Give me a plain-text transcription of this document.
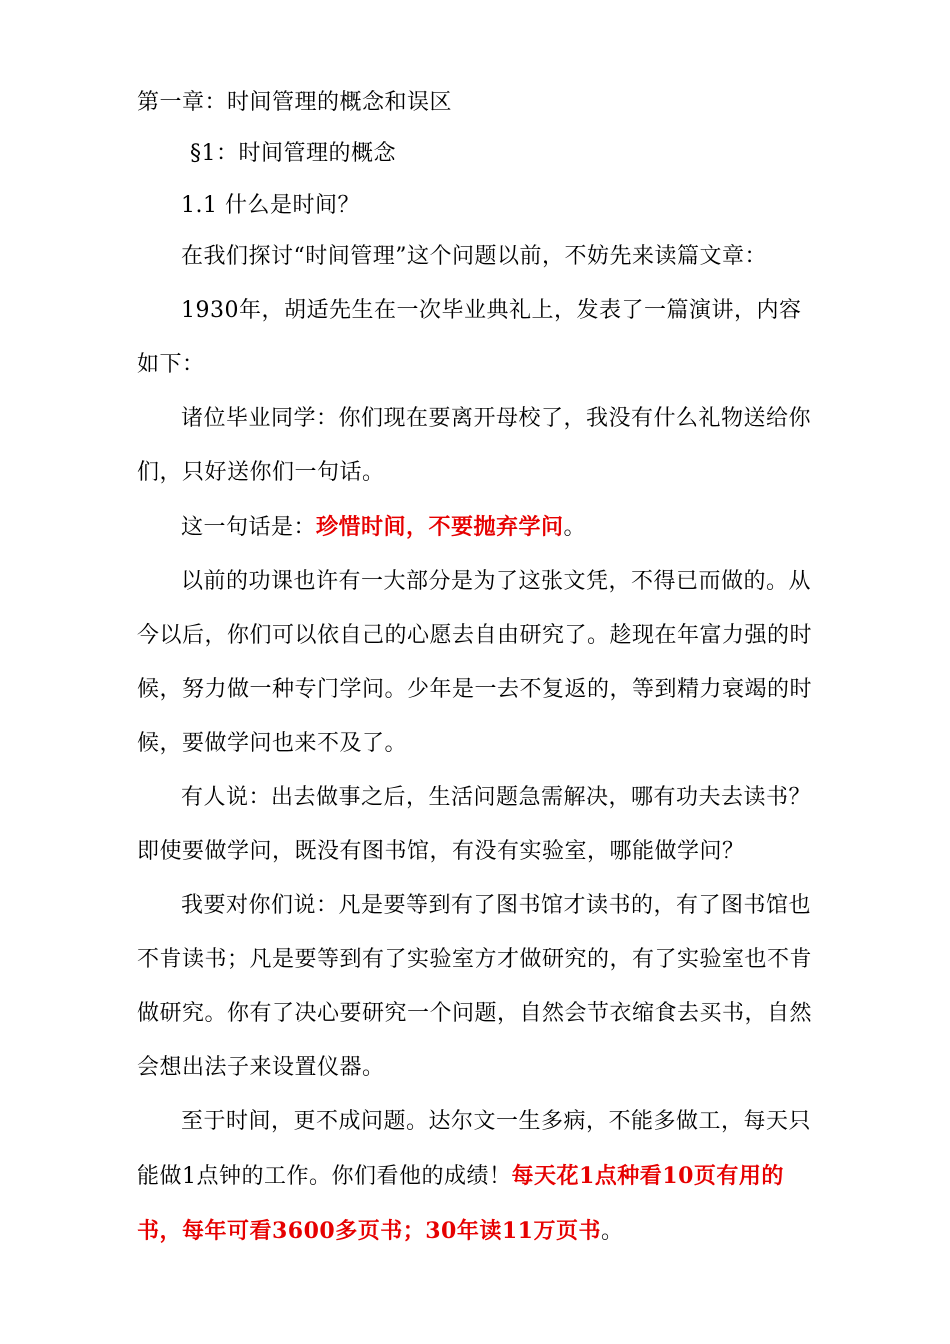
第一章：时间管理的概念和误区
§1：时间管理的概念
1.1 什么是时间？

在我们探讨“时间管理”这个问题以前，不妨先来读篇文章：

1930年，胡适先生在一次毕业典礼上，发表了一篇演讲，内容如下：

诸位毕业同学：你们现在要离开母校了，我没有什么礼物送给你们，只好送你们一句话。

这一句话是：珍惜时间，不要抛弃学问。

以前的功课也许有一大部分是为了这张文凭，不得已而做的。从今以后，你们可以依自己的心愿去自由研究了。趁现在年富力强的时候，努力做一种专门学问。少年是一去不复返的，等到精力衰竭的时候，要做学问也来不及了。

有人说：出去做事之后，生活问题急需解决，哪有功夫去读书？即使要做学问，既没有图书馆，有没有实验室，哪能做学问？

我要对你们说：凡是要等到有了图书馆才读书的，有了图书馆也不肯读书；凡是要等到有了实验室方才做研究的，有了实验室也不肯做研究。你有了决心要研究一个问题，自然会节衣缩食去买书，自然会想出法子来设置仪器。

至于时间，更不成问题。达尔文一生多病，不能多做工，每天只能做1点钟的工作。你们看他的成绩！每天花1点种看10页有用的书，每年可看3600多页书；30年读11万页书。
